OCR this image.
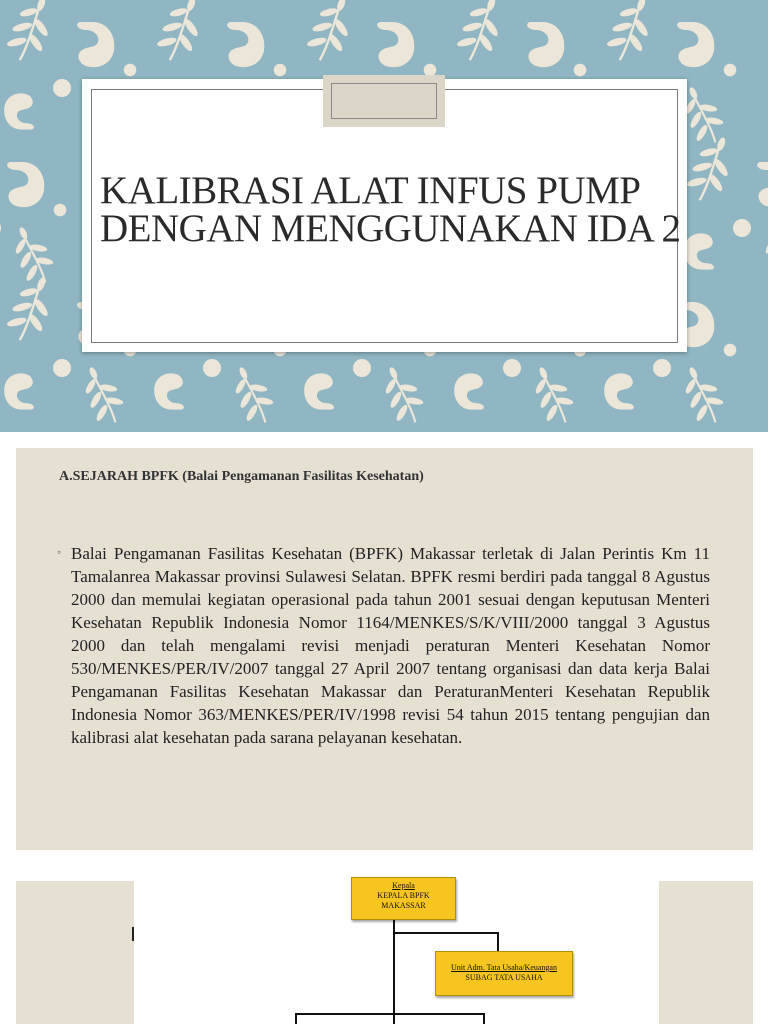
KALIBRASI ALAT INFUS PUMP
DENGAN MENGGUNAKAN IDA 2
A.SEJARAH BPFK (Balai Pengamanan Fasilitas Kesehatan)
◦ Balai Pengamanan Fasilitas Kesehatan (BPFK) Makassar terletak di Jalan Perintis Km 11 Tamalanrea Makassar provinsi Sulawesi Selatan. BPFK resmi berdiri pada tanggal 8 Agustus 2000 dan memulai kegiatan operasional pada tahun 2001 sesuai dengan keputusan Menteri Kesehatan Republik Indonesia Nomor 1164/MENKES/S/K/VIII/2000 tanggal 3 Agustus 2000 dan telah mengalami revisi menjadi peraturan Menteri Kesehatan Nomor 530/MENKES/PER/IV/2007 tanggal 27 April 2007 tentang organisasi dan data kerja Balai Pengamanan Fasilitas Kesehatan Makassar dan PeraturanMenteri Kesehatan Republik Indonesia Nomor 363/MENKES/PER/IV/1998 revisi 54 tahun 2015 tentang pengujian dan kalibrasi alat kesehatan pada sarana pelayanan kesehatan.
Kepala
KEPALA BPFK
MAKASSAR
Unit Adm. Tata Usaha/Keuangan
SUBAG TATA USAHA
